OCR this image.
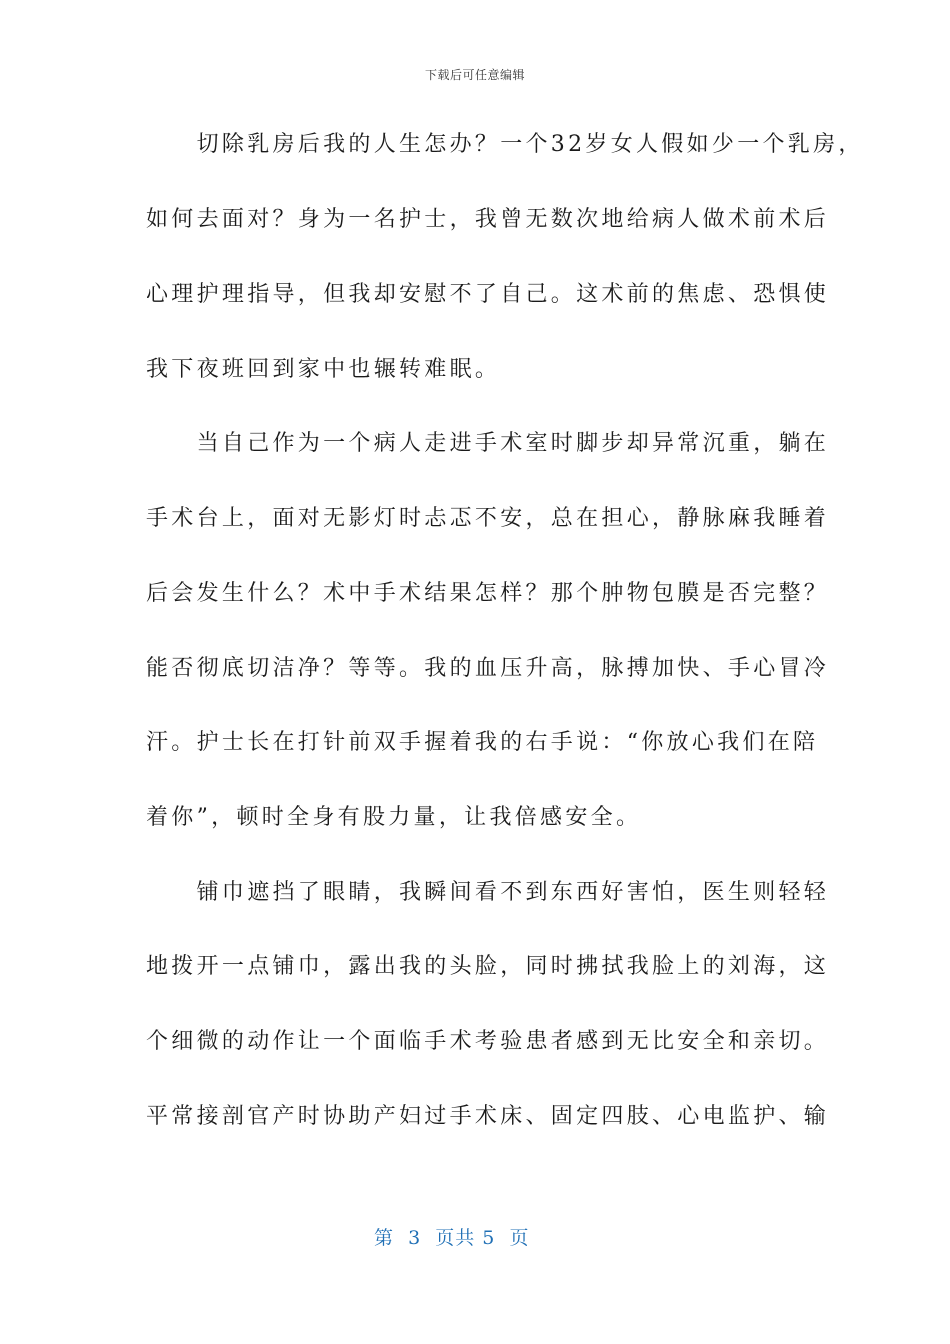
下载后可任意编辑
　　切除乳房后我的人生怎办？一个32岁女人假如少一个乳房，
如何去面对？身为一名护士，我曾无数次地给病人做术前术后
心理护理指导，但我却安慰不了自己。这术前的焦虑、恐惧使
我下夜班回到家中也辗转难眠。
　　当自己作为一个病人走进手术室时脚步却异常沉重，躺在
手术台上，面对无影灯时忐忑不安，总在担心，静脉麻我睡着
后会发生什么？术中手术结果怎样？那个肿物包膜是否完整？
能否彻底切洁净？等等。我的血压升高，脉搏加快、手心冒冷
汗。护士长在打针前双手握着我的右手说：“你放心我们在陪
着你”，顿时全身有股力量，让我倍感安全。
　　铺巾遮挡了眼睛，我瞬间看不到东西好害怕，医生则轻轻
地拨开一点铺巾，露出我的头脸，同时拂拭我脸上的刘海，这
个细微的动作让一个面临手术考验患者感到无比安全和亲切。
平常接剖官产时协助产妇过手术床、固定四肢、心电监护、输
第  3  页共 5  页
